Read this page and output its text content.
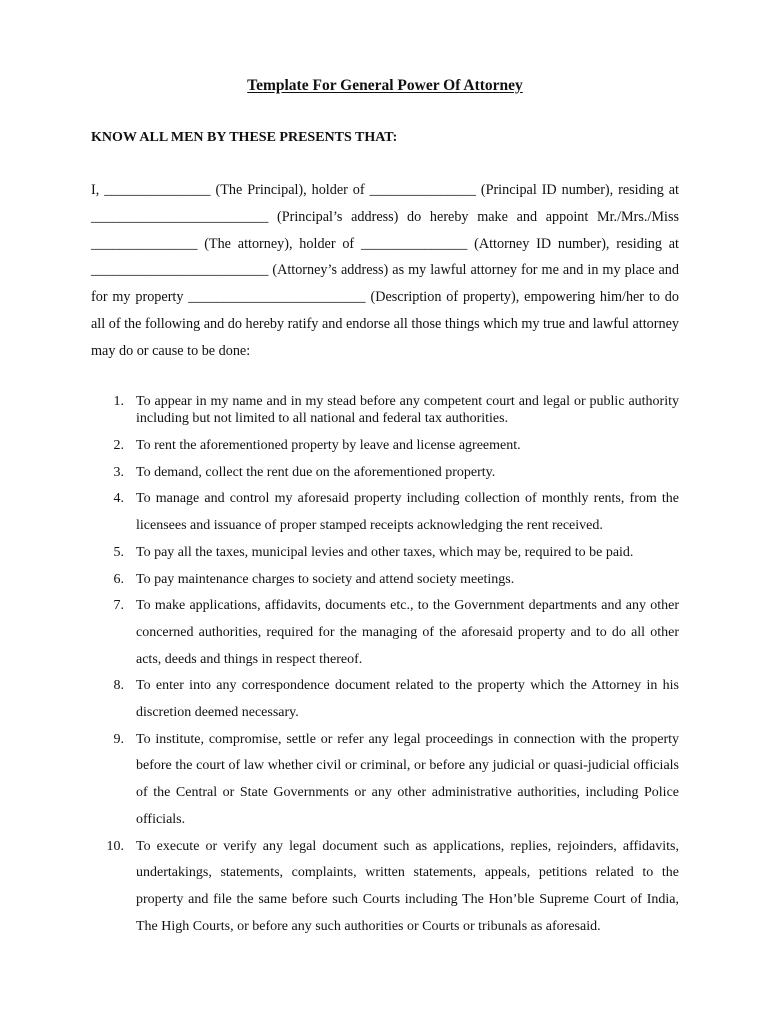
Template For General Power Of Attorney
KNOW ALL MEN BY THESE PRESENTS THAT:

I, _______________ (The Principal), holder of _______________ (Principal ID number), residing at _________________________ (Principal’s address) do hereby make and appoint Mr./Mrs./Miss _______________ (The attorney), holder of _______________ (Attorney ID number), residing at _________________________ (Attorney’s address) as my lawful attorney for me and in my place and for my property _________________________ (Description of property), empowering him/her to do all of the following and do hereby ratify and endorse all those things which my true and lawful attorney may do or cause to be done:

1. To appear in my name and in my stead before any competent court and legal or public authority including but not limited to all national and federal tax authorities.
2. To rent the aforementioned property by leave and license agreement.
3. To demand, collect the rent due on the aforementioned property.
4. To manage and control my aforesaid property including collection of monthly rents, from the licensees and issuance of proper stamped receipts acknowledging the rent received.
5. To pay all the taxes, municipal levies and other taxes, which may be, required to be paid.
6. To pay maintenance charges to society and attend society meetings.
7. To make applications, affidavits, documents etc., to the Government departments and any other concerned authorities, required for the managing of the aforesaid property and to do all other acts, deeds and things in respect thereof.
8. To enter into any correspondence document related to the property which the Attorney in his discretion deemed necessary.
9. To institute, compromise, settle or refer any legal proceedings in connection with the property before the court of law whether civil or criminal, or before any judicial or quasi-judicial officials of the Central or State Governments or any other administrative authorities, including Police officials.
10. To execute or verify any legal document such as applications, replies, rejoinders, affidavits, undertakings, statements, complaints, written statements, appeals, petitions related to the property and file the same before such Courts including The Hon’ble Supreme Court of India, The High Courts, or before any such authorities or Courts or tribunals as aforesaid.
